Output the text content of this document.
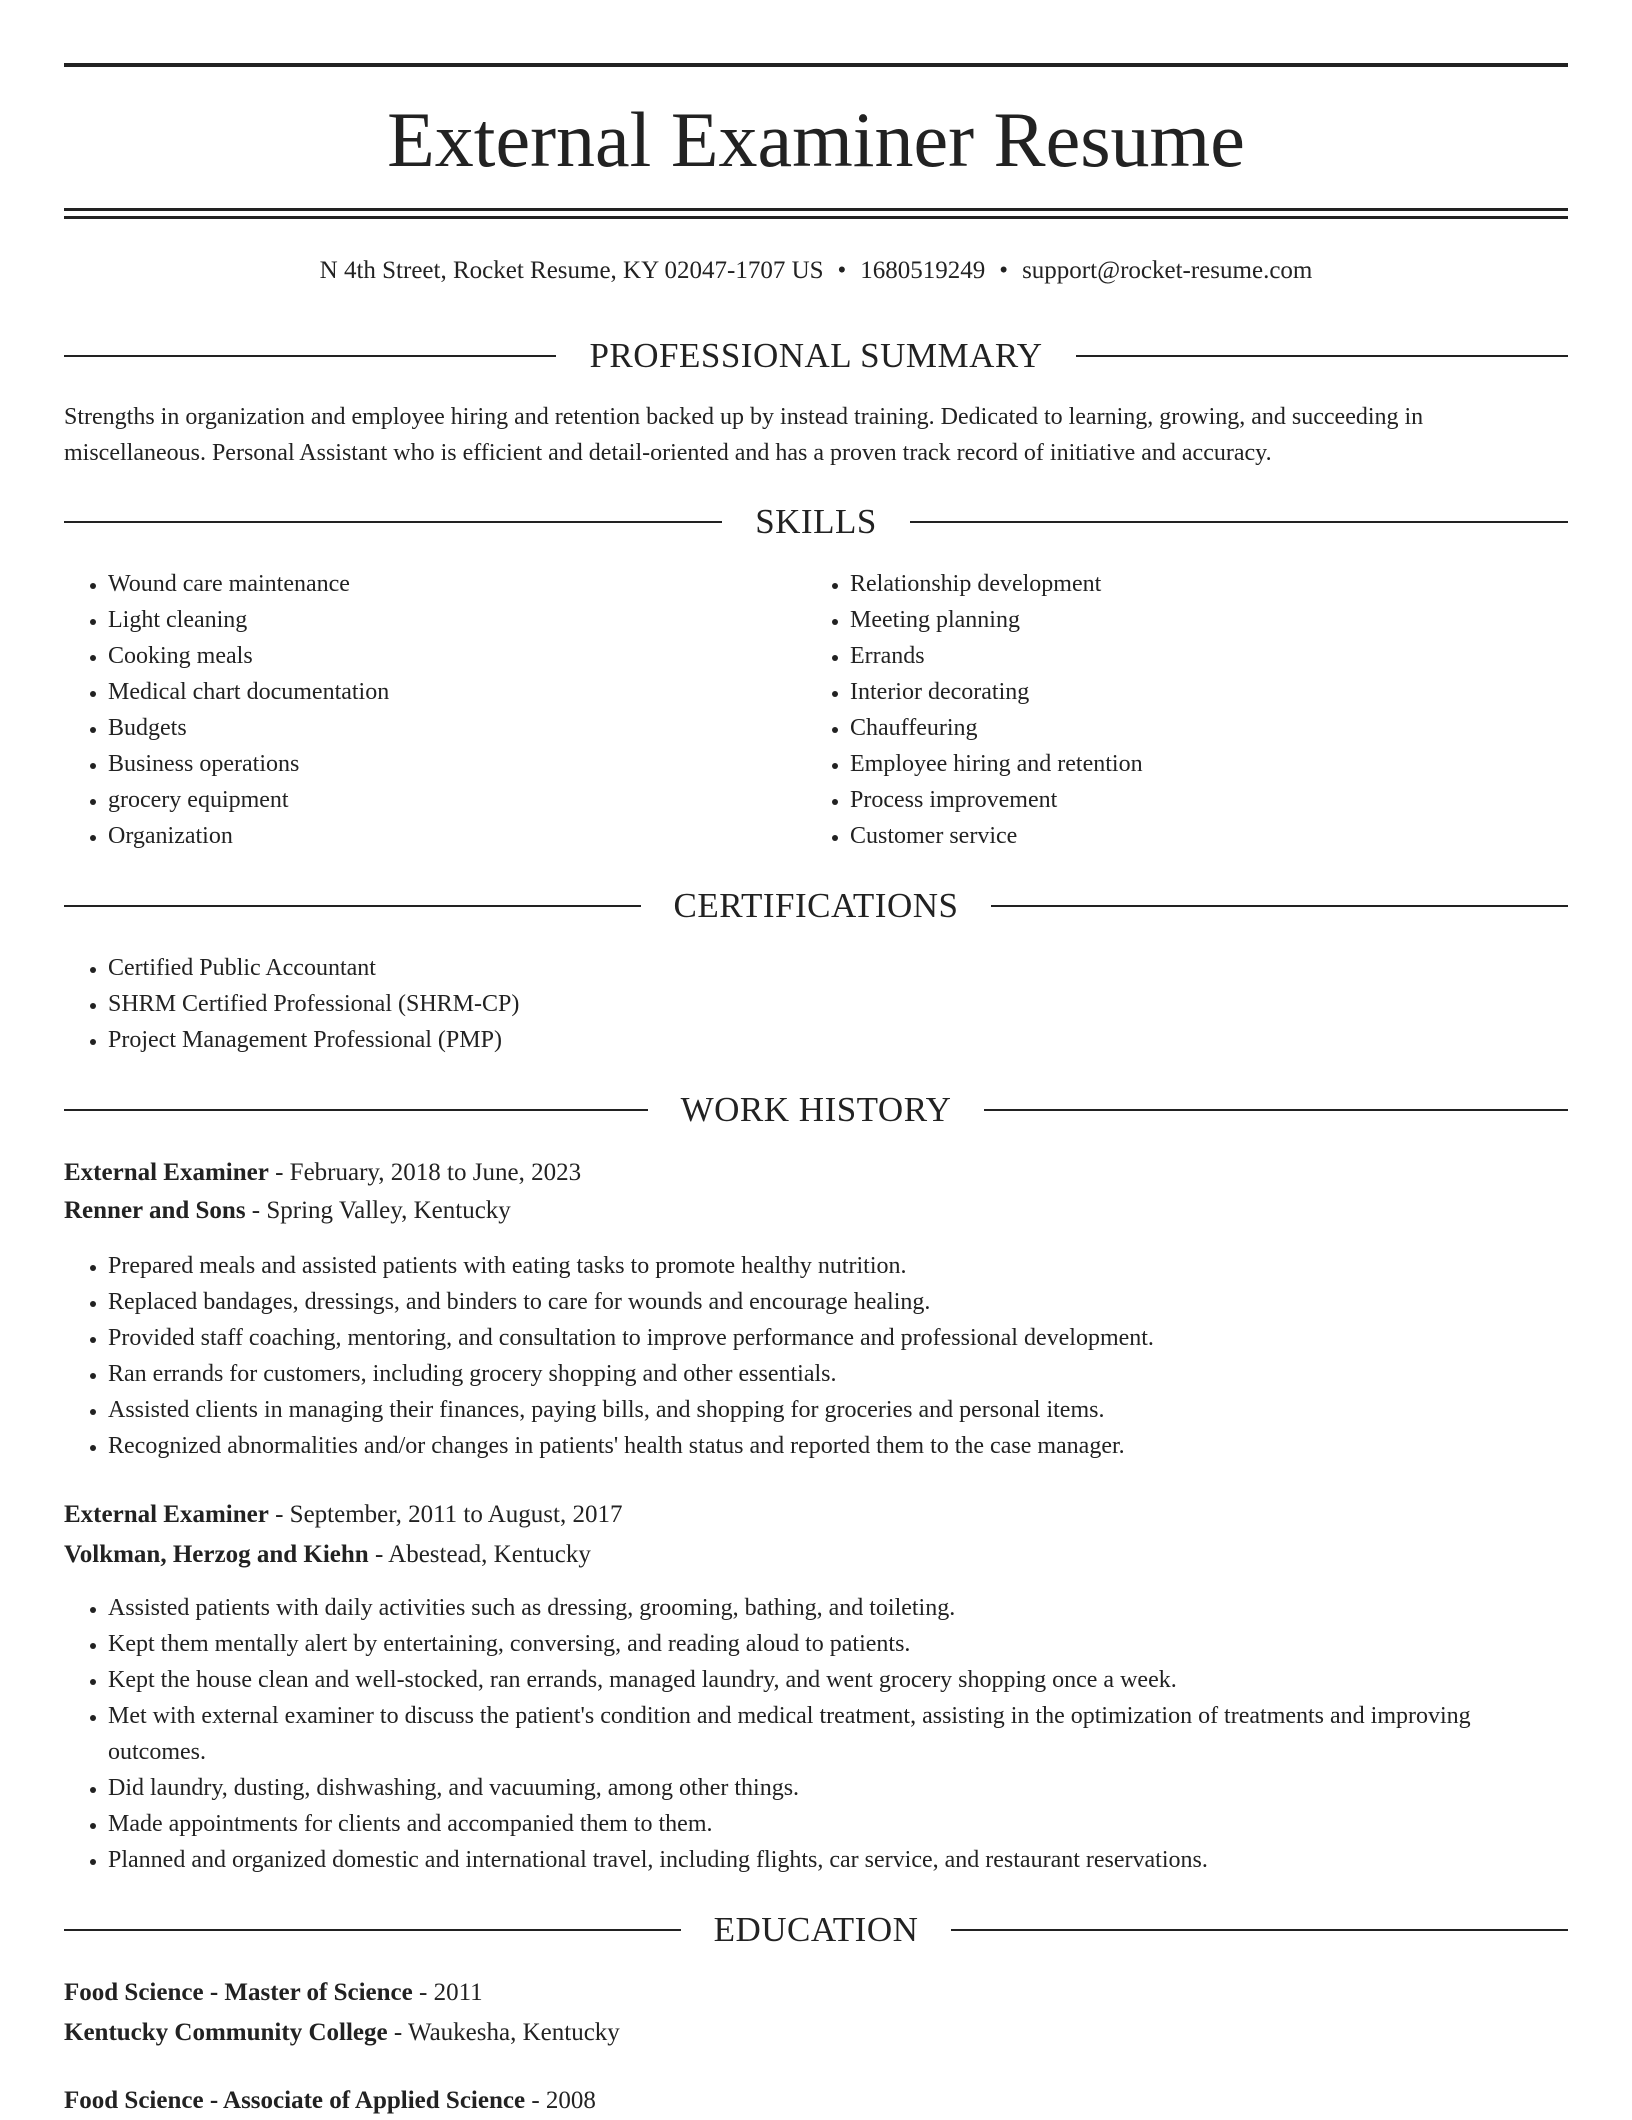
External Examiner Resume
N 4th Street, Rocket Resume, KY 02047-1707 US • 1680519249 • support@rocket-resume.com
PROFESSIONAL SUMMARY

Strengths in organization and employee hiring and retention backed up by instead training. Dedicated to learning, growing, and succeeding in miscellaneous. Personal Assistant who is efficient and detail-oriented and has a proven track record of initiative and accuracy.

SKILLS
• Wound care maintenance
• Light cleaning
• Cooking meals
• Medical chart documentation
• Budgets
• Business operations
• grocery equipment
• Organization
• Relationship development
• Meeting planning
• Errands
• Interior decorating
• Chauffeuring
• Employee hiring and retention
• Process improvement
• Customer service
CERTIFICATIONS
• Certified Public Accountant
• SHRM Certified Professional (SHRM-CP)
• Project Management Professional (PMP)
WORK HISTORY
External Examiner - February, 2018 to June, 2023
Renner and Sons - Spring Valley, Kentucky
• Prepared meals and assisted patients with eating tasks to promote healthy nutrition.
• Replaced bandages, dressings, and binders to care for wounds and encourage healing.
• Provided staff coaching, mentoring, and consultation to improve performance and professional development.
• Ran errands for customers, including grocery shopping and other essentials.
• Assisted clients in managing their finances, paying bills, and shopping for groceries and personal items.
• Recognized abnormalities and/or changes in patients' health status and reported them to the case manager.
External Examiner - September, 2011 to August, 2017
Volkman, Herzog and Kiehn - Abestead, Kentucky
• Assisted patients with daily activities such as dressing, grooming, bathing, and toileting.
• Kept them mentally alert by entertaining, conversing, and reading aloud to patients.
• Kept the house clean and well-stocked, ran errands, managed laundry, and went grocery shopping once a week.
• Met with external examiner to discuss the patient's condition and medical treatment, assisting in the optimization of treatments and improving outcomes.
• Did laundry, dusting, dishwashing, and vacuuming, among other things.
• Made appointments for clients and accompanied them to them.
• Planned and organized domestic and international travel, including flights, car service, and restaurant reservations.
EDUCATION
Food Science - Master of Science - 2011
Kentucky Community College - Waukesha, Kentucky
Food Science - Associate of Applied Science - 2008
